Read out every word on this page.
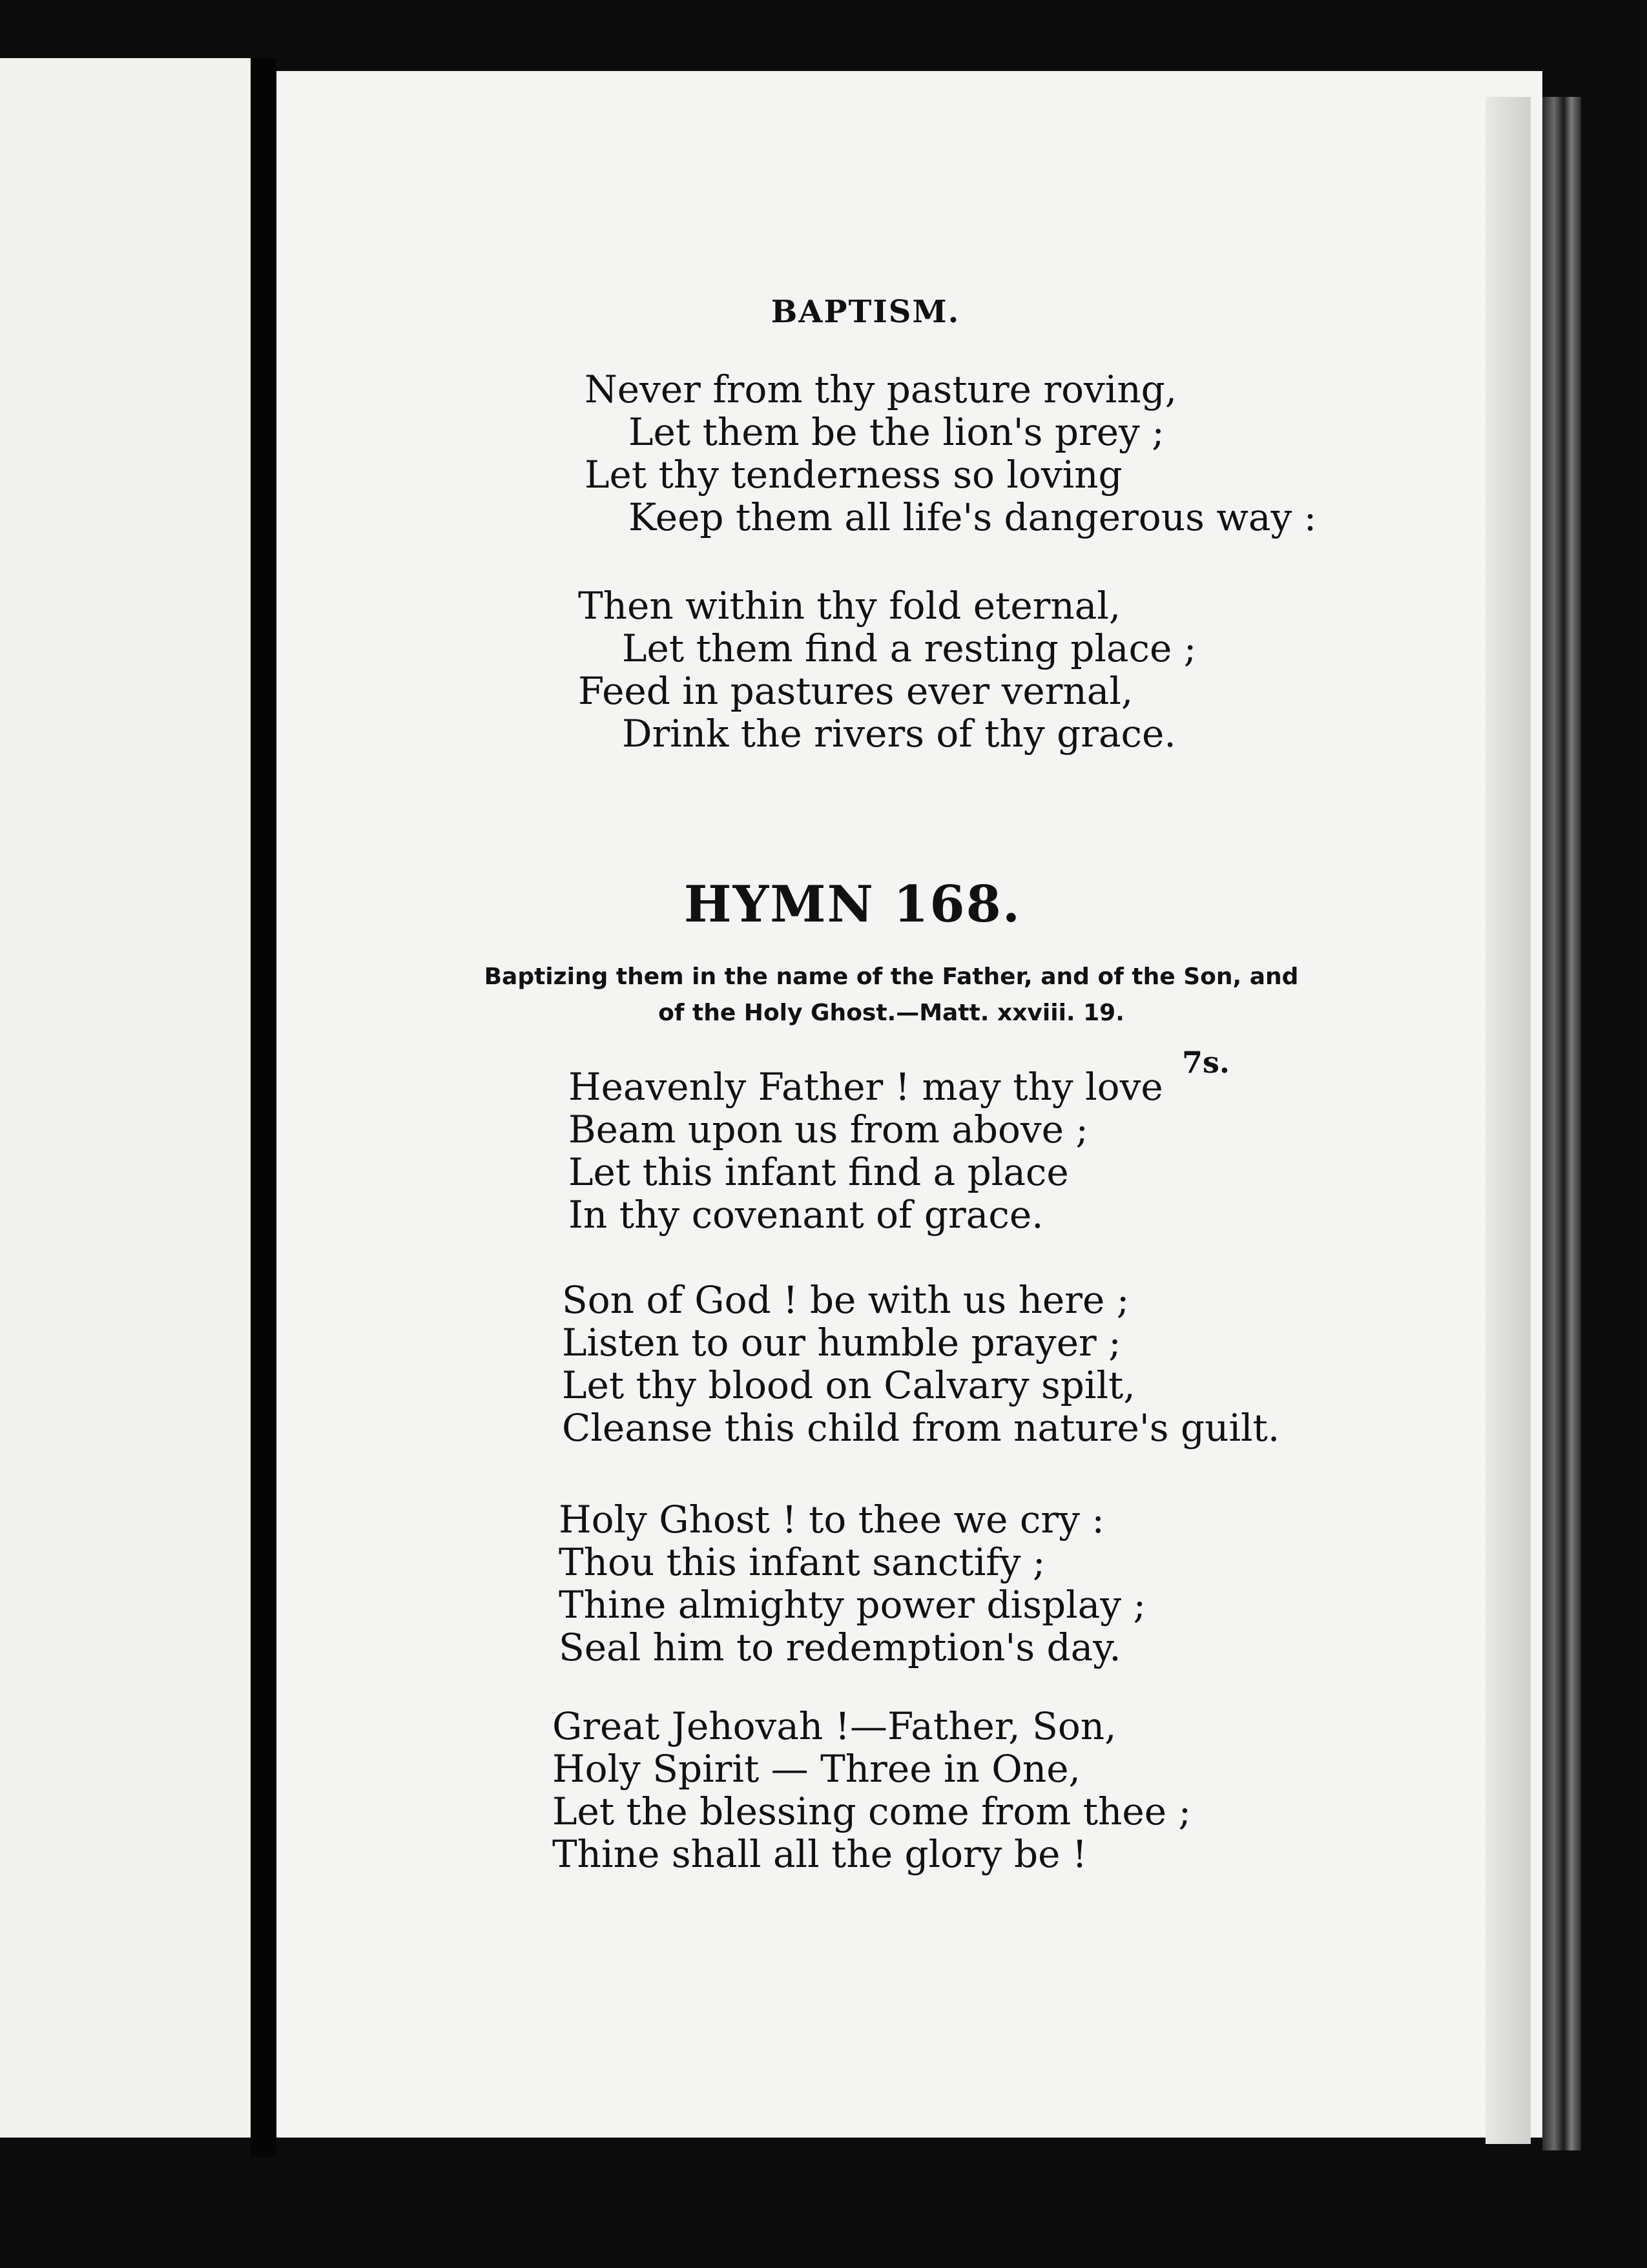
BAPTISM.
Never from thy pasture roving,
Let them be the lion's prey ;
Let thy tenderness so loving
Keep them all life's dangerous way :
Then within thy fold eternal,
Let them find a resting place ;
Feed in pastures ever vernal,
Drink the rivers of thy grace.
HYMN 168.
Baptizing them in the name of the Father, and of the Son, and
of the Holy Ghost.—Matt. xxviii. 19.
7s.
Heavenly Father ! may thy love
Beam upon us from above ;
Let this infant find a place
In thy covenant of grace.
Son of God ! be with us here ;
Listen to our humble prayer ;
Let thy blood on Calvary spilt,
Cleanse this child from nature's guilt.
Holy Ghost ! to thee we cry :
Thou this infant sanctify ;
Thine almighty power display ;
Seal him to redemption's day.
Great Jehovah !—Father, Son,
Holy Spirit — Three in One,
Let the blessing come from thee ;
Thine shall all the glory be !
